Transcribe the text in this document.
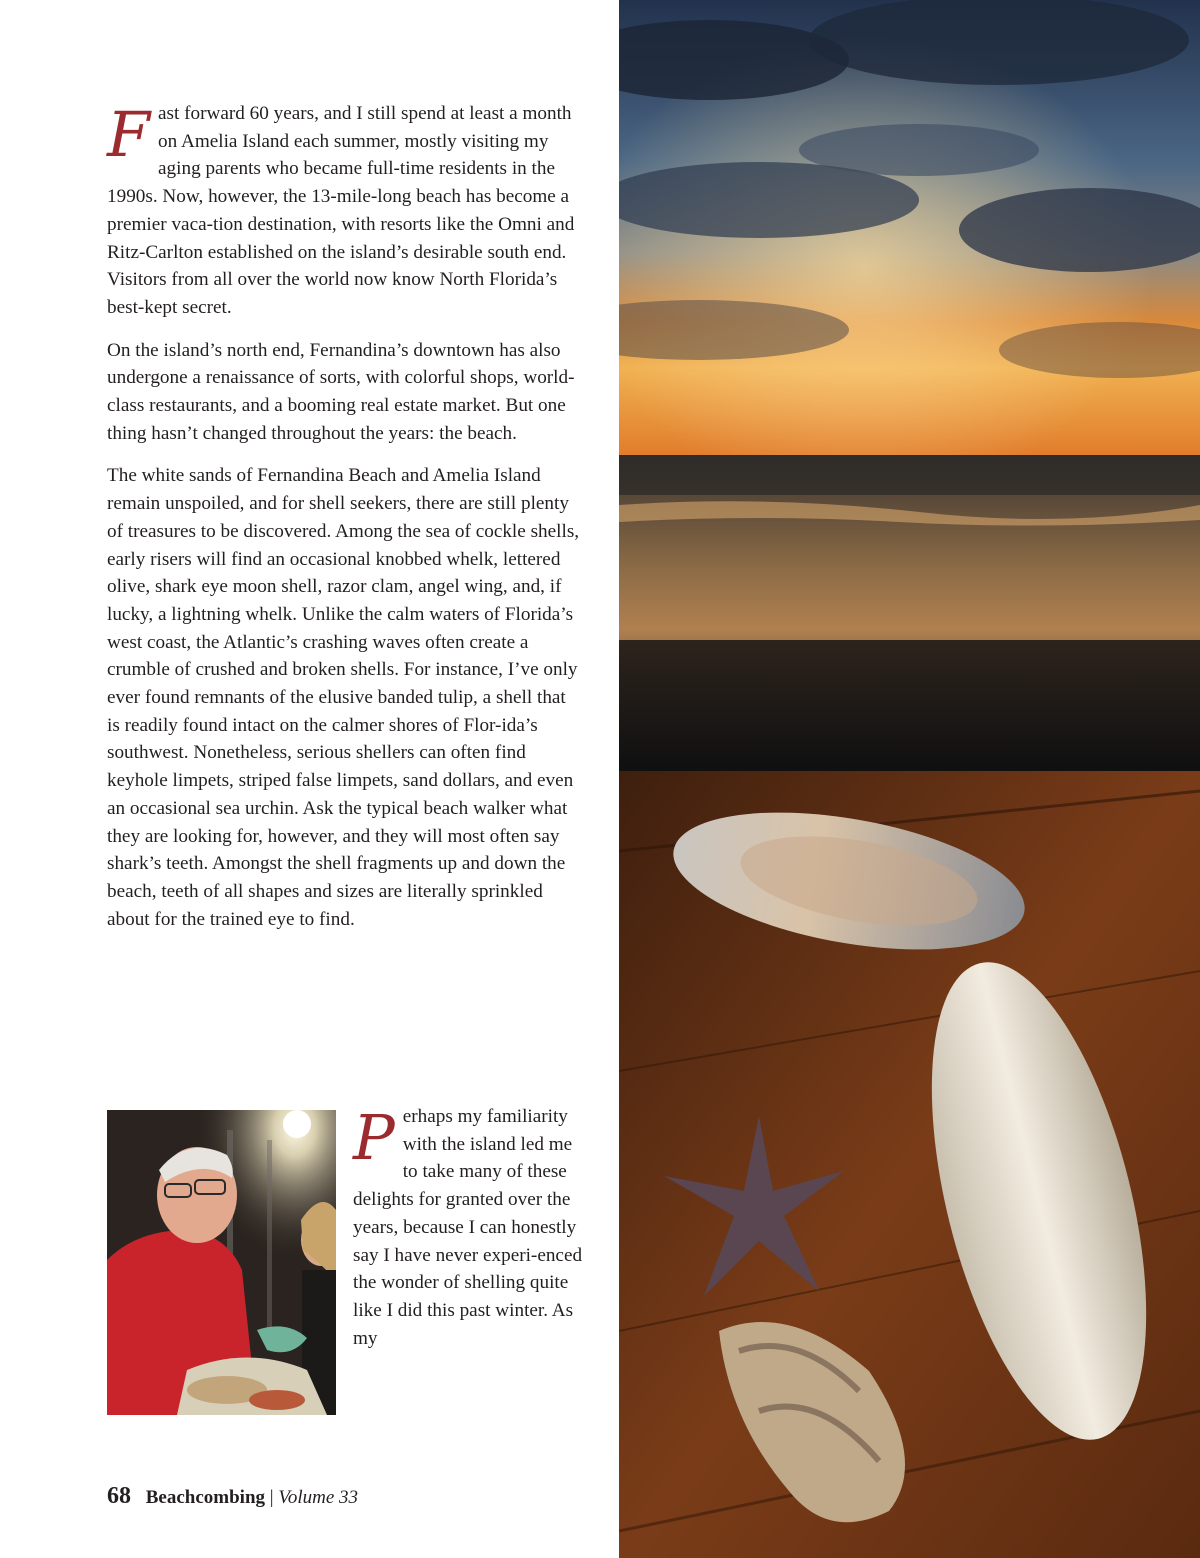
Fast forward 60 years, and I still spend at least a month on Amelia Island each summer, mostly visiting my aging parents who became full-time residents in the 1990s. Now, however, the 13-mile-long beach has become a premier vaca-tion destination, with resorts like the Omni and Ritz-Carlton established on the island’s desirable south end. Visitors from all over the world now know North Florida’s best-kept secret.

On the island’s north end, Fernandina’s downtown has also undergone a renaissance of sorts, with colorful shops, world-class restaurants, and a booming real estate market. But one thing hasn’t changed throughout the years: the beach.

The white sands of Fernandina Beach and Amelia Island remain unspoiled, and for shell seekers, there are still plenty of treasures to be discovered. Among the sea of cockle shells, early risers will find an occasional knobbed whelk, lettered olive, shark eye moon shell, razor clam, angel wing, and, if lucky, a lightning whelk. Unlike the calm waters of Florida’s west coast, the Atlantic’s crashing waves often create a crumble of crushed and broken shells. For instance, I’ve only ever found remnants of the elusive banded tulip, a shell that is readily found intact on the calmer shores of Flor-ida’s southwest. Nonetheless, serious shellers can often find keyhole limpets, striped false limpets, sand dollars, and even an occasional sea urchin. Ask the typical beach walker what they are looking for, however, and they will most often say shark’s teeth. Amongst the shell fragments up and down the beach, teeth of all shapes and sizes are literally sprinkled about for the trained eye to find.

Perhaps my familiarity with the island led me to take many of these delights for granted over the years, because I can honestly say I have never experi-enced the wonder of shelling quite like I did this past winter. As my

68 Beachcombing | Volume 33
